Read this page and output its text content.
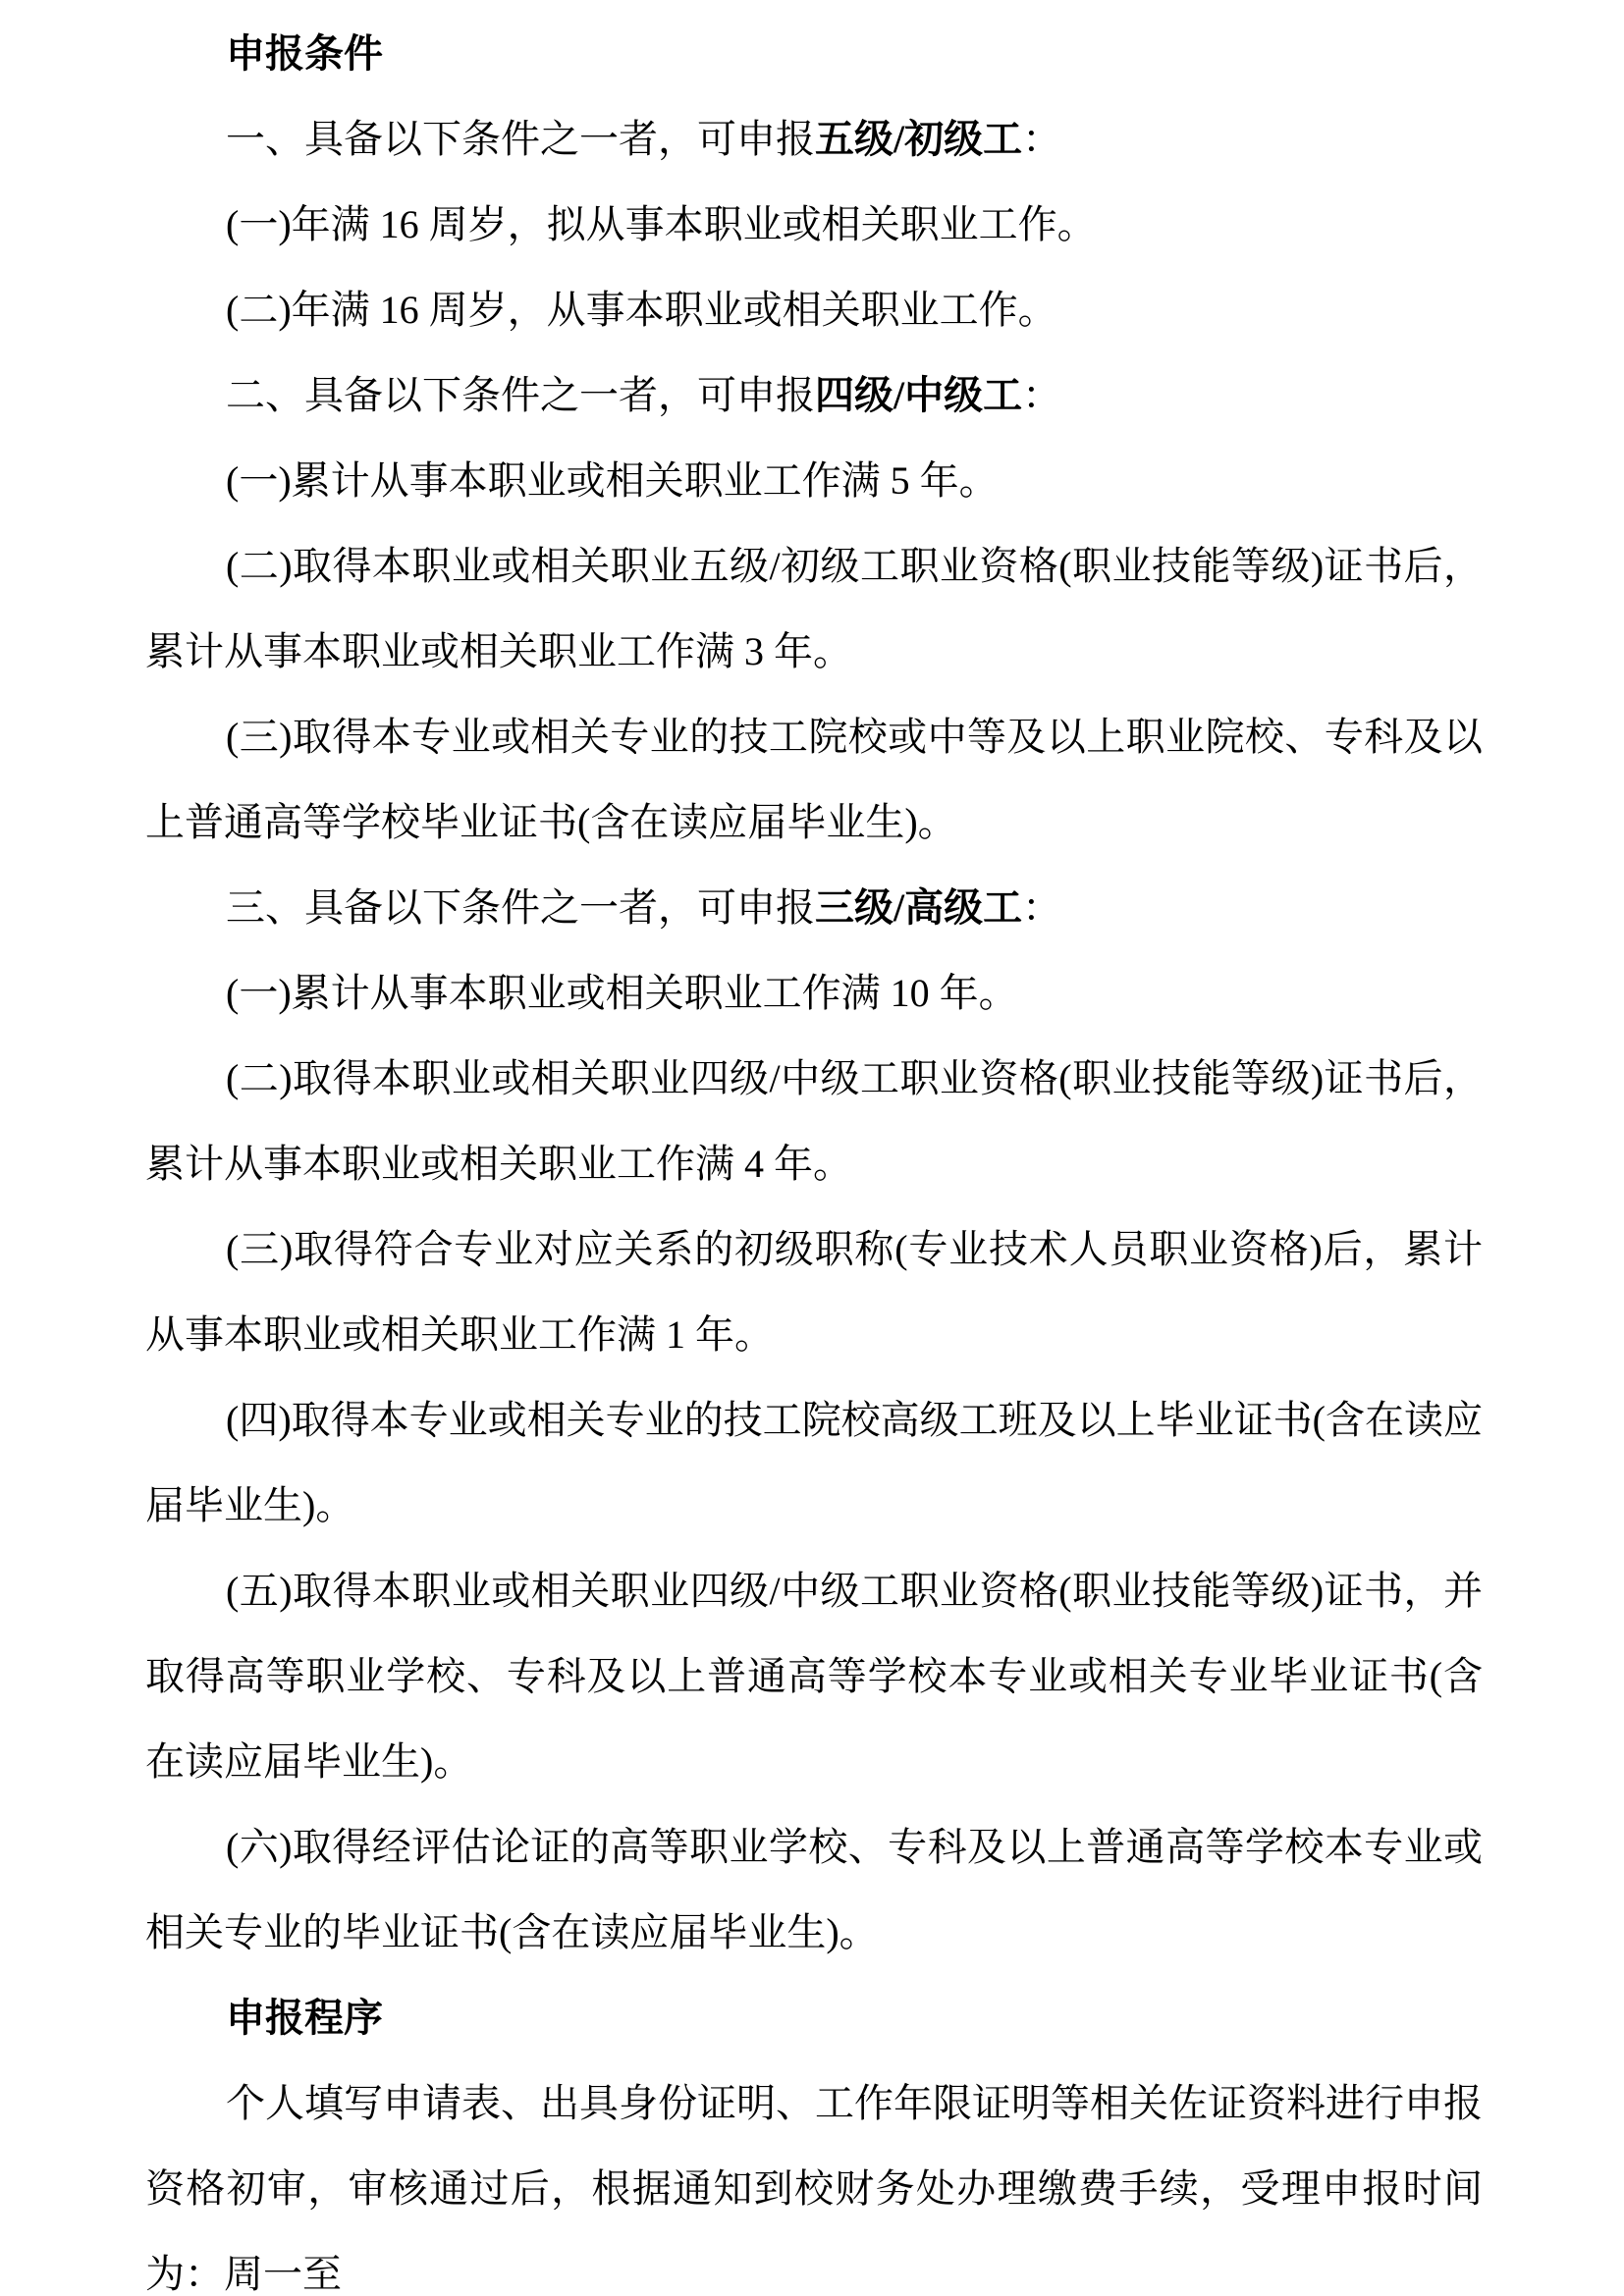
申报条件

一、具备以下条件之一者，可申报五级/初级工：

(一)年满 16 周岁，拟从事本职业或相关职业工作。

(二)年满 16 周岁，从事本职业或相关职业工作。

二、具备以下条件之一者，可申报四级/中级工：

(一)累计从事本职业或相关职业工作满 5 年。

(二)取得本职业或相关职业五级/初级工职业资格(职业技能等级)证书后，累计从事本职业或相关职业工作满 3 年。

(三)取得本专业或相关专业的技工院校或中等及以上职业院校、专科及以上普通高等学校毕业证书(含在读应届毕业生)。

三、具备以下条件之一者，可申报三级/高级工：

(一)累计从事本职业或相关职业工作满 10 年。

(二)取得本职业或相关职业四级/中级工职业资格(职业技能等级)证书后，累计从事本职业或相关职业工作满 4 年。

(三)取得符合专业对应关系的初级职称(专业技术人员职业资格)后，累计从事本职业或相关职业工作满 1 年。

(四)取得本专业或相关专业的技工院校高级工班及以上毕业证书(含在读应届毕业生)。

(五)取得本职业或相关职业四级/中级工职业资格(职业技能等级)证书，并取得高等职业学校、专科及以上普通高等学校本专业或相关专业毕业证书(含在读应届毕业生)。

(六)取得经评估论证的高等职业学校、专科及以上普通高等学校本专业或相关专业的毕业证书(含在读应届毕业生)。

申报程序

个人填写申请表、出具身份证明、工作年限证明等相关佐证资料进行申报资格初审，审核通过后，根据通知到校财务处办理缴费手续，受理申报时间为：周一至
